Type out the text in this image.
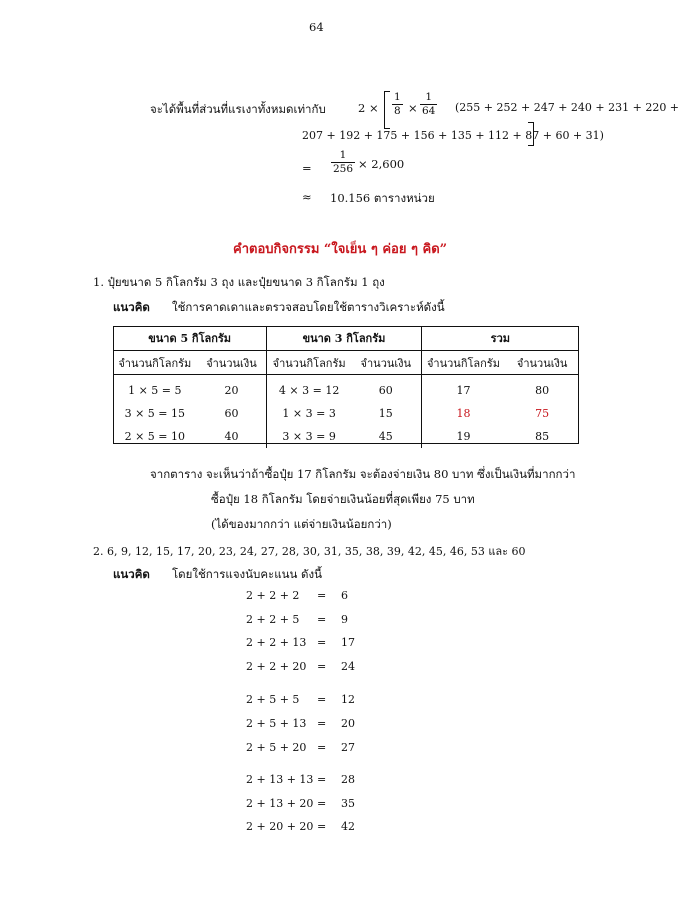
64
จะได้พื้นที่ส่วนที่แรเงาทั้งหมดเท่ากับ	$2 \times \frac{1}{8} \times \frac{1}{64} (255 + 252 + 247 + 240 + 231 + 220$ +
207 + 192 + 175 + 156 + 135 + 112 + 87 + 60 + 31)
= $\frac{1}{256} \times 2,600$
≈ 10.156 ตารางหน่วย
คำตอบกิจกรรม “ใจเย็น ๆ ค่อย ๆ คิด”
1. ปุ๋ยขนาด 5 กิโลกรัม 3 ถุง และปุ๋ยขนาด 3 กิโลกรัม 1 ถุง
แนวคิด ใช้การคาดเดาและตรวจสอบโดยใช้ตารางวิเคราะห์ดังนี้
ขนาด 5 กิโลกรัม		ขนาด 3 กิโลกรัม		รวม	
จำนวนกิโลกรัม	จำนวนเงิน	จำนวนกิโลกรัม	จำนวนเงิน	จำนวนกิโลกรัม	จำนวนเงิน
1 × 5 = 5	20	4 × 3 = 12	60	17	80
3 × 5 = 15	60	1 × 3 = 3	15	18	75
2 × 5 = 10	40	3 × 3 = 9	45	19	85
จากตาราง จะเห็นว่าถ้าซื้อปุ๋ย 17 กิโลกรัม จะต้องจ่ายเงิน 80 บาท ซึ่งเป็นเงินที่มากกว่า
ซื้อปุ๋ย 18 กิโลกรัม โดยจ่ายเงินน้อยที่สุดเพียง 75 บาท
(ได้ของมากกว่า แต่จ่ายเงินน้อยกว่า)
2. 6, 9, 12, 15, 17, 20, 23, 24, 27, 28, 30, 31, 35, 38, 39, 42, 45, 46, 53 และ 60
แนวคิด โดยใช้การแจงนับคะแนน ดังนี้
2 + 2 + 2 = 6
2 + 2 + 5 = 9
2 + 2 + 13 = 17
2 + 2 + 20 = 24
2 + 5 + 5 = 12
2 + 5 + 13 = 20
2 + 5 + 20 = 27
2 + 13 + 13 = 28
2 + 13 + 20 = 35
2 + 20 + 20 = 42
